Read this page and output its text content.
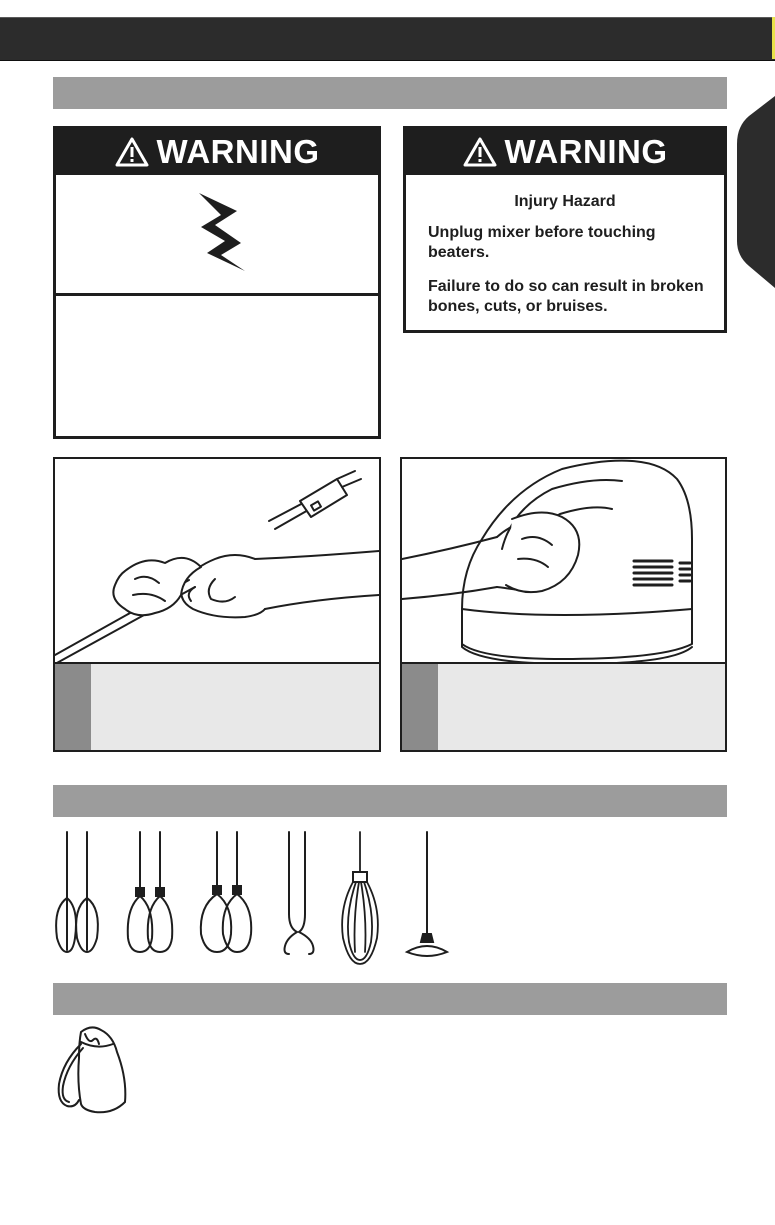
WARNING	WARNING
Injury Hazard
Unplug mixer before touching beaters.
Failure to do so can result in broken bones, cuts, or bruises.
